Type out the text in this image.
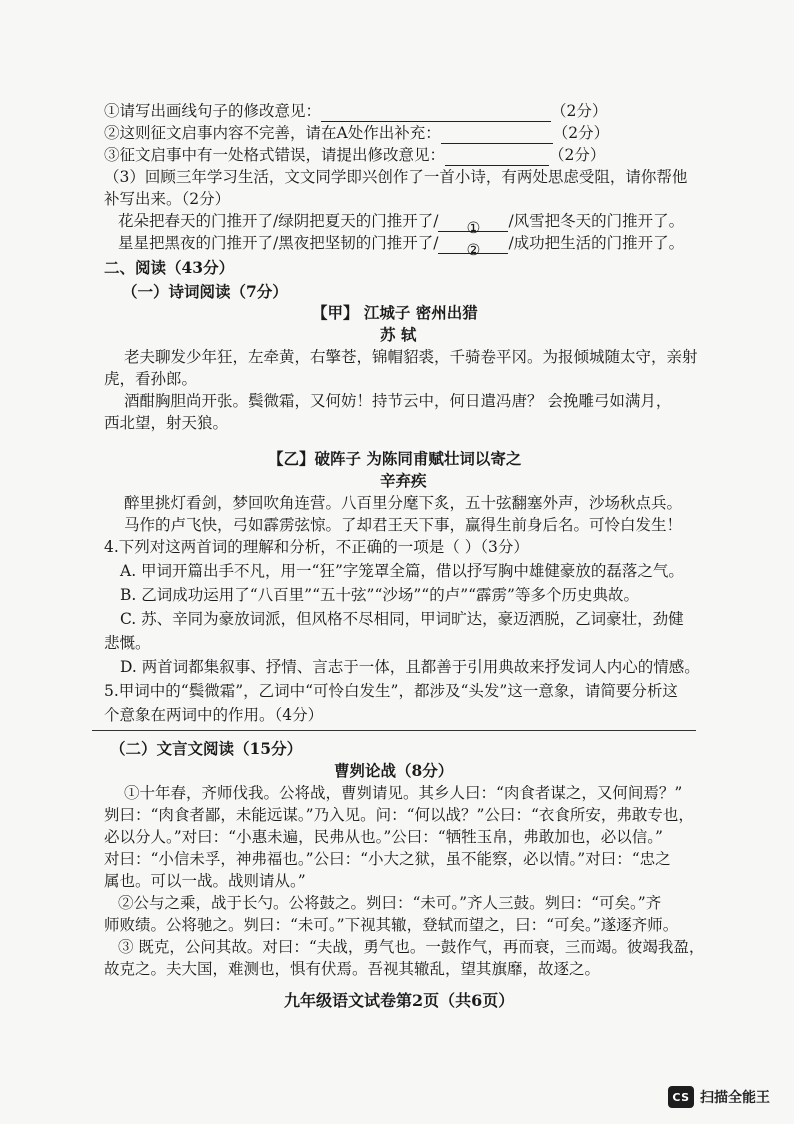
①请写出画线句子的修改意见：	（2分）
②这则征文启事内容不完善，请在A处作出补充：	（2分）
③征文启事中有一处格式错误，请提出修改意见：	（2分）
（3）回顾三年学习生活，文文同学即兴创作了一首小诗，有两处思虑受阻，请你帮他
补写出来。（2分）
花朵把春天的门推开了/绿阴把夏天的门推开了/ ① /风雪把冬天的门推开了。
星星把黑夜的门推开了/黑夜把坚韧的门推开了/ ② /成功把生活的门推开了。
二、阅读（43分）
（一）诗词阅读（7分）
【甲】 江城子 密州出猎
苏 轼
老夫聊发少年狂，左牵黄，右擎苍，锦帽貂裘，千骑卷平冈。为报倾城随太守，亲射
虎，看孙郎。
酒酣胸胆尚开张。鬓微霜，又何妨！持节云中，何日遣冯唐？ 会挽雕弓如满月，
西北望，射天狼。
【乙】破阵子 为陈同甫赋壮词以寄之
辛弃疾
醉里挑灯看剑，梦回吹角连营。八百里分麾下炙，五十弦翻塞外声，沙场秋点兵。
马作的卢飞快，弓如霹雳弦惊。了却君王天下事，赢得生前身后名。可怜白发生！
4.下列对这两首词的理解和分析，不正确的一项是（ ）（3分）
A. 甲词开篇出手不凡，用一“狂”字笼罩全篇，借以抒写胸中雄健豪放的磊落之气。
B. 乙词成功运用了“八百里”“五十弦”“沙场”“的卢”“霹雳”等多个历史典故。
C. 苏、辛同为豪放词派，但风格不尽相同，甲词旷达，豪迈洒脱，乙词豪壮，劲健
悲慨。
D. 两首词都集叙事、抒情、言志于一体，且都善于引用典故来抒发词人内心的情感。
5.甲词中的“鬓微霜”，乙词中“可怜白发生”，都涉及“头发”这一意象，请简要分析这
个意象在两词中的作用。（4分）
（二）文言文阅读（15分）
曹刿论战（8分）
①十年春，齐师伐我。公将战，曹刿请见。其乡人曰：“肉食者谋之，又何间焉？”
刿曰：“肉食者鄙，未能远谋。”乃入见。问：“何以战？”公曰：“衣食所安，弗敢专也，
必以分人。”对曰：“小惠未遍，民弗从也。”公曰：“牺牲玉帛，弗敢加也，必以信。”
对曰：“小信未孚，神弗福也。”公曰：“小大之狱，虽不能察，必以情。”对曰：“忠之
属也。可以一战。战则请从。”
②公与之乘，战于长勺。公将鼓之。刿曰：“未可。”齐人三鼓。刿曰：“可矣。”齐
师败绩。公将驰之。刿曰：“未可。”下视其辙，登轼而望之，曰：“可矣。”遂逐齐师。
③ 既克，公问其故。对曰：“夫战，勇气也。一鼓作气，再而衰，三而竭。彼竭我盈，
故克之。夫大国，难测也，惧有伏焉。吾视其辙乱，望其旗靡，故逐之。
九年级语文试卷第2页（共6页）
CS 扫描全能王
